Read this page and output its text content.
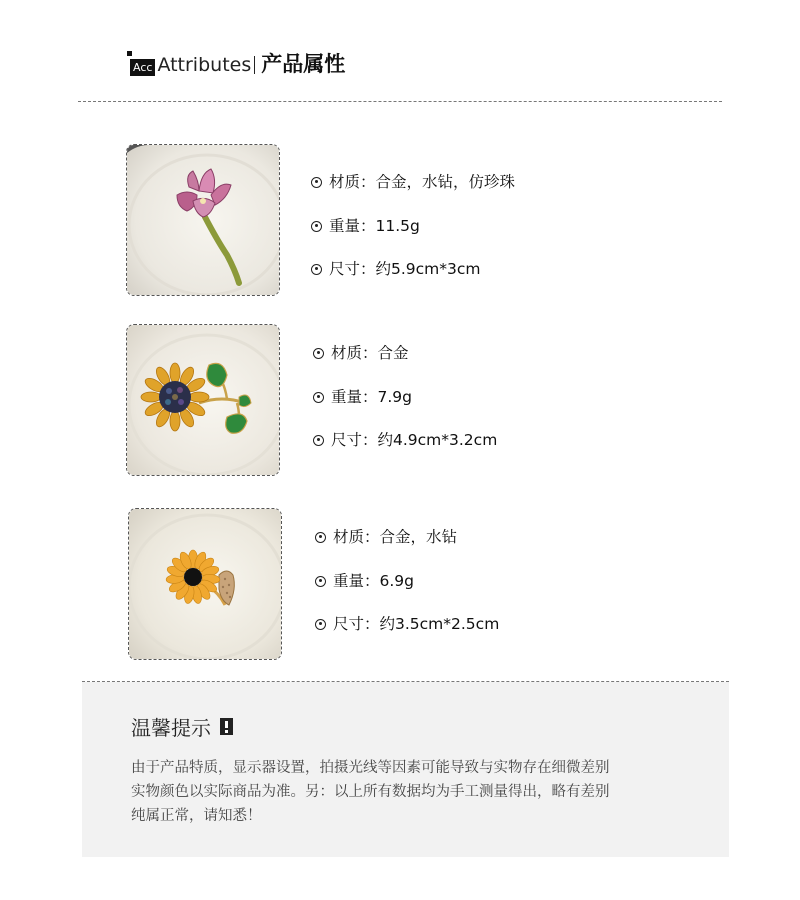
Acc Attributes 产品属性
材质：合金，水钻，仿珍珠
重量：11.5g
尺寸：约5.9cm*3cm
材质：合金
重量：7.9g
尺寸：约4.9cm*3.2cm
材质：合金，水钻
重量：6.9g
尺寸：约3.5cm*2.5cm
温馨提示
由于产品特质，显示器设置，拍摄光线等因素可能导致与实物存在细微差别
实物颜色以实际商品为准。另：以上所有数据均为手工测量得出，略有差别
纯属正常，请知悉！
